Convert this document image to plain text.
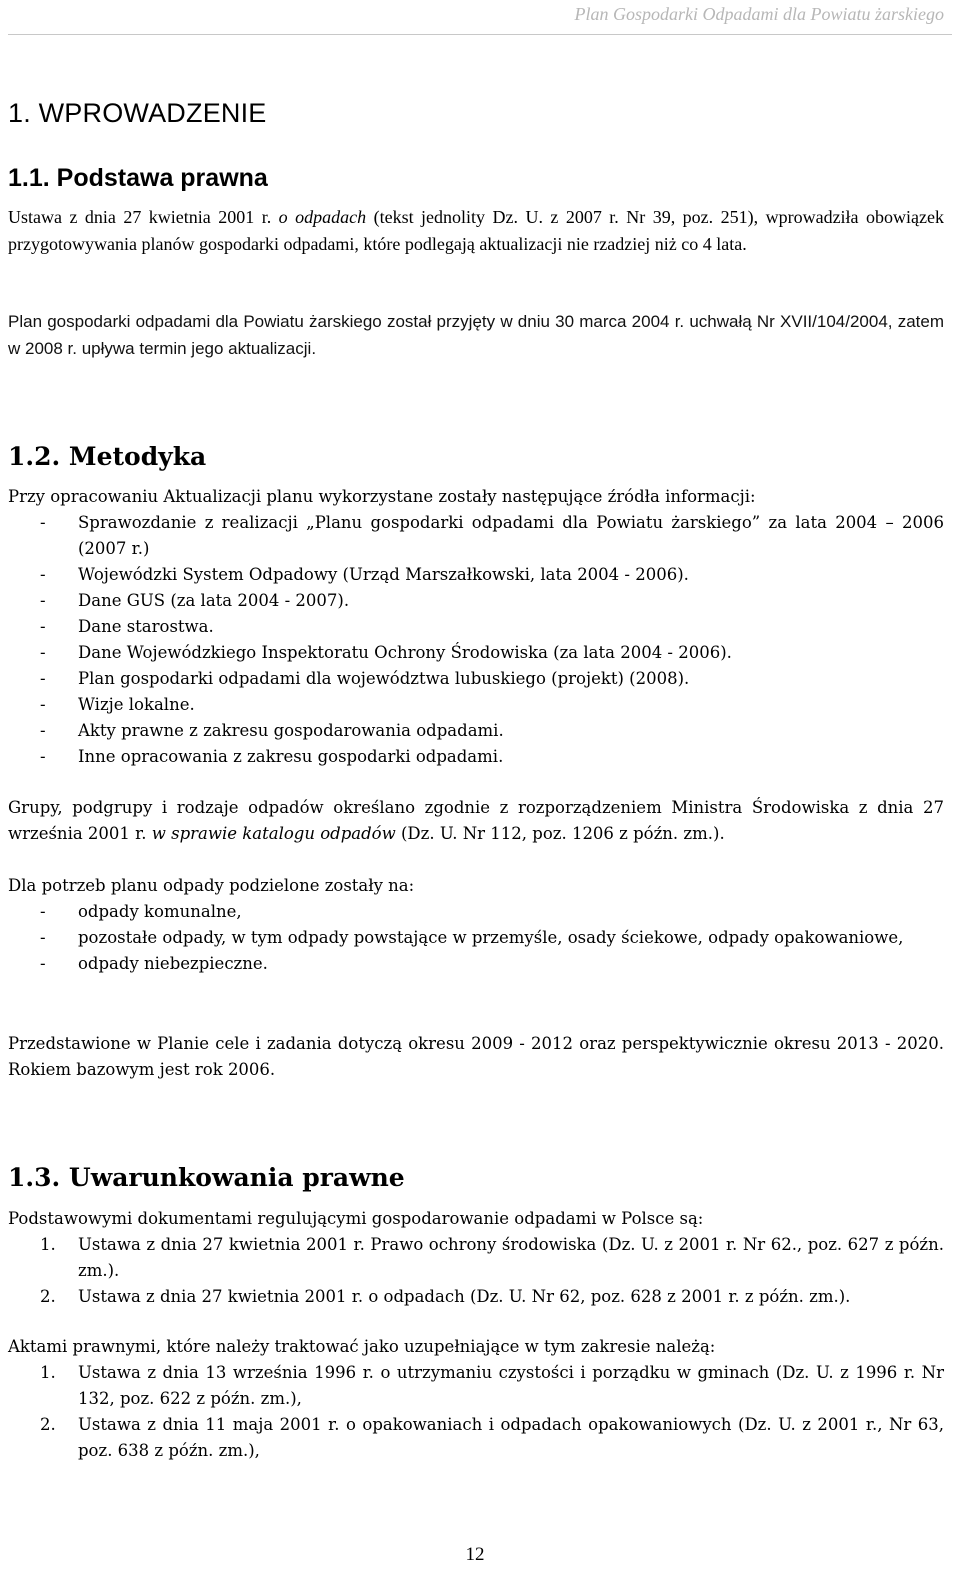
Plan Gospodarki Odpadami dla Powiatu żarskiego
1. WPROWADZENIE
1.1. Podstawa prawna
Ustawa z dnia 27 kwietnia 2001 r. o odpadach (tekst jednolity Dz. U. z 2007 r. Nr 39, poz. 251), wprowadziła obowiązek przygotowywania planów gospodarki odpadami, które podlegają aktualizacji nie rzadziej niż co 4 lata.
Plan gospodarki odpadami dla Powiatu żarskiego został przyjęty w dniu 30 marca 2004 r. uchwałą Nr XVII/104/2004, zatem w 2008 r. upływa termin jego aktualizacji.
1.2. Metodyka
Przy opracowaniu Aktualizacji planu wykorzystane zostały następujące źródła informacji:
- Sprawozdanie z realizacji „Planu gospodarki odpadami dla Powiatu żarskiego” za lata 2004 – 2006 (2007 r.)
- Wojewódzki System Odpadowy (Urząd Marszałkowski, lata 2004 - 2006).
- Dane GUS (za lata 2004 - 2007).
- Dane starostwa.
- Dane Wojewódzkiego Inspektoratu Ochrony Środowiska (za lata 2004 - 2006).
- Plan gospodarki odpadami dla województwa lubuskiego (projekt) (2008).
- Wizje lokalne.
- Akty prawne z zakresu gospodarowania odpadami.
- Inne opracowania z zakresu gospodarki odpadami.
Grupy, podgrupy i rodzaje odpadów określano zgodnie z rozporządzeniem Ministra Środowiska z dnia 27 września 2001 r. w sprawie katalogu odpadów (Dz. U. Nr 112, poz. 1206 z późn. zm.).
Dla potrzeb planu odpady podzielone zostały na:
- odpady komunalne,
- pozostałe odpady, w tym odpady powstające w przemyśle, osady ściekowe, odpady opakowaniowe,
- odpady niebezpieczne.
Przedstawione w Planie cele i zadania dotyczą okresu 2009 - 2012 oraz perspektywicznie okresu 2013 - 2020. Rokiem bazowym jest rok 2006.
1.3. Uwarunkowania prawne
Podstawowymi dokumentami regulującymi gospodarowanie odpadami w Polsce są:
1. Ustawa z dnia 27 kwietnia 2001 r. Prawo ochrony środowiska (Dz. U. z 2001 r. Nr 62., poz. 627 z późn. zm.).
2. Ustawa z dnia 27 kwietnia 2001 r. o odpadach (Dz. U. Nr 62, poz. 628 z 2001 r. z późn. zm.).
Aktami prawnymi, które należy traktować jako uzupełniające w tym zakresie należą:
1. Ustawa z dnia 13 września 1996 r. o utrzymaniu czystości i porządku w gminach (Dz. U. z 1996 r. Nr 132, poz. 622 z późn. zm.),
2. Ustawa z dnia 11 maja 2001 r. o opakowaniach i odpadach opakowaniowych (Dz. U. z 2001 r., Nr 63, poz. 638 z późn. zm.),
12
